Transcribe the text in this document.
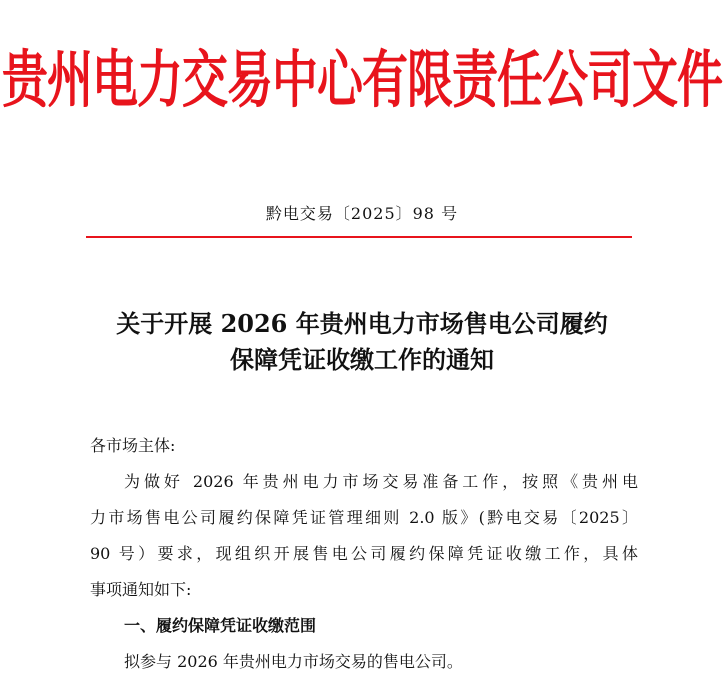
贵州电力交易中心有限责任公司文件
黔电交易〔2025〕98 号
关于开展 2026 年贵州电力市场售电公司履约
保障凭证收缴工作的通知
各市场主体:
为做好 2026 年贵州电力市场交易准备工作，按照《贵州电
力市场售电公司履约保障凭证管理细则 2.0 版》(黔电交易〔2025〕
90 号）要求，现组织开展售电公司履约保障凭证收缴工作，具体
事项通知如下:
一、履约保障凭证收缴范围
拟参与 2026 年贵州电力市场交易的售电公司。
